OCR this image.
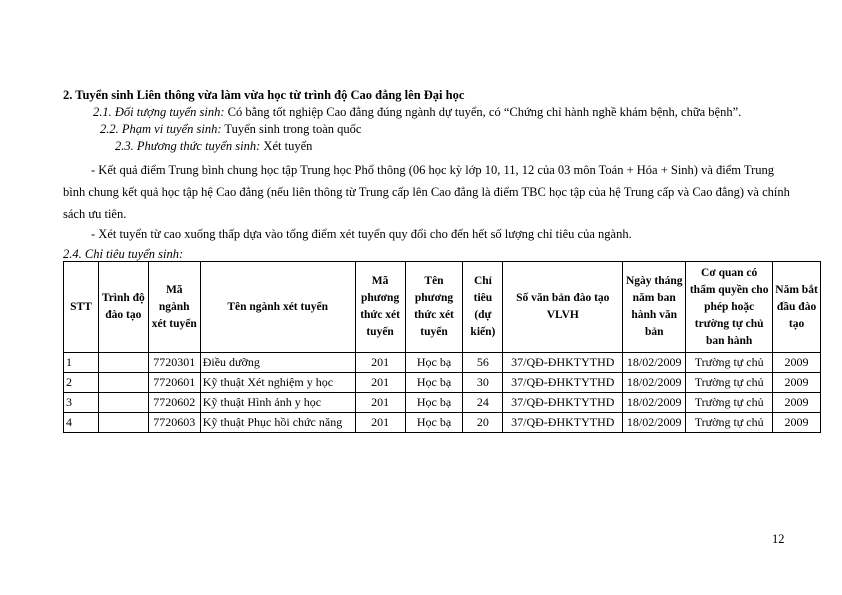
2. Tuyển sinh Liên thông vừa làm vừa học từ trình độ Cao đẳng lên Đại học
2.1. Đối tượng tuyển sinh: Có bằng tốt nghiệp Cao đẳng đúng ngành dự tuyển, có “Chứng chỉ hành nghề khám bệnh, chữa bệnh”.
2.2. Phạm vi tuyển sinh: Tuyển sinh trong toàn quốc
2.3. Phương thức tuyển sinh: Xét tuyển
- Kết quả điểm Trung bình chung học tập Trung học Phổ thông (06 học kỳ lớp 10, 11, 12 của 03 môn Toán + Hóa + Sinh) và điểm Trung bình chung kết quả học tập hệ Cao đẳng (nếu liên thông từ Trung cấp lên Cao đẳng là điểm TBC học tập của hệ Trung cấp và Cao đẳng) và chính sách ưu tiên.
- Xét tuyển từ cao xuống thấp dựa vào tổng điểm xét tuyển quy đổi cho đến hết số lượng chỉ tiêu của ngành.
2.4. Chỉ tiêu tuyển sinh:
STT	Trình độ đào tạo	Mã ngành xét tuyển	Tên ngành xét tuyển	Mã phương thức xét tuyển	Tên phương thức xét tuyển	Chỉ tiêu (dự kiến)	Số văn bản đào tạo VLVH	Ngày tháng năm ban hành văn bản	Cơ quan có thẩm quyền cho phép hoặc trường tự chủ ban hành	Năm bắt đầu đào tạo
1		7720301	Điều dưỡng	201	Học bạ	56	37/QĐ-ĐHKTYTHD	18/02/2009	Trường tự chủ	2009
2		7720601	Kỹ thuật Xét nghiệm y học	201	Học bạ	30	37/QĐ-ĐHKTYTHD	18/02/2009	Trường tự chủ	2009
3		7720602	Kỹ thuật Hình ảnh y học	201	Học bạ	24	37/QĐ-ĐHKTYTHD	18/02/2009	Trường tự chủ	2009
4		7720603	Kỹ thuật Phục hồi chức năng	201	Học bạ	20	37/QĐ-ĐHKTYTHD	18/02/2009	Trường tự chủ	2009
12
